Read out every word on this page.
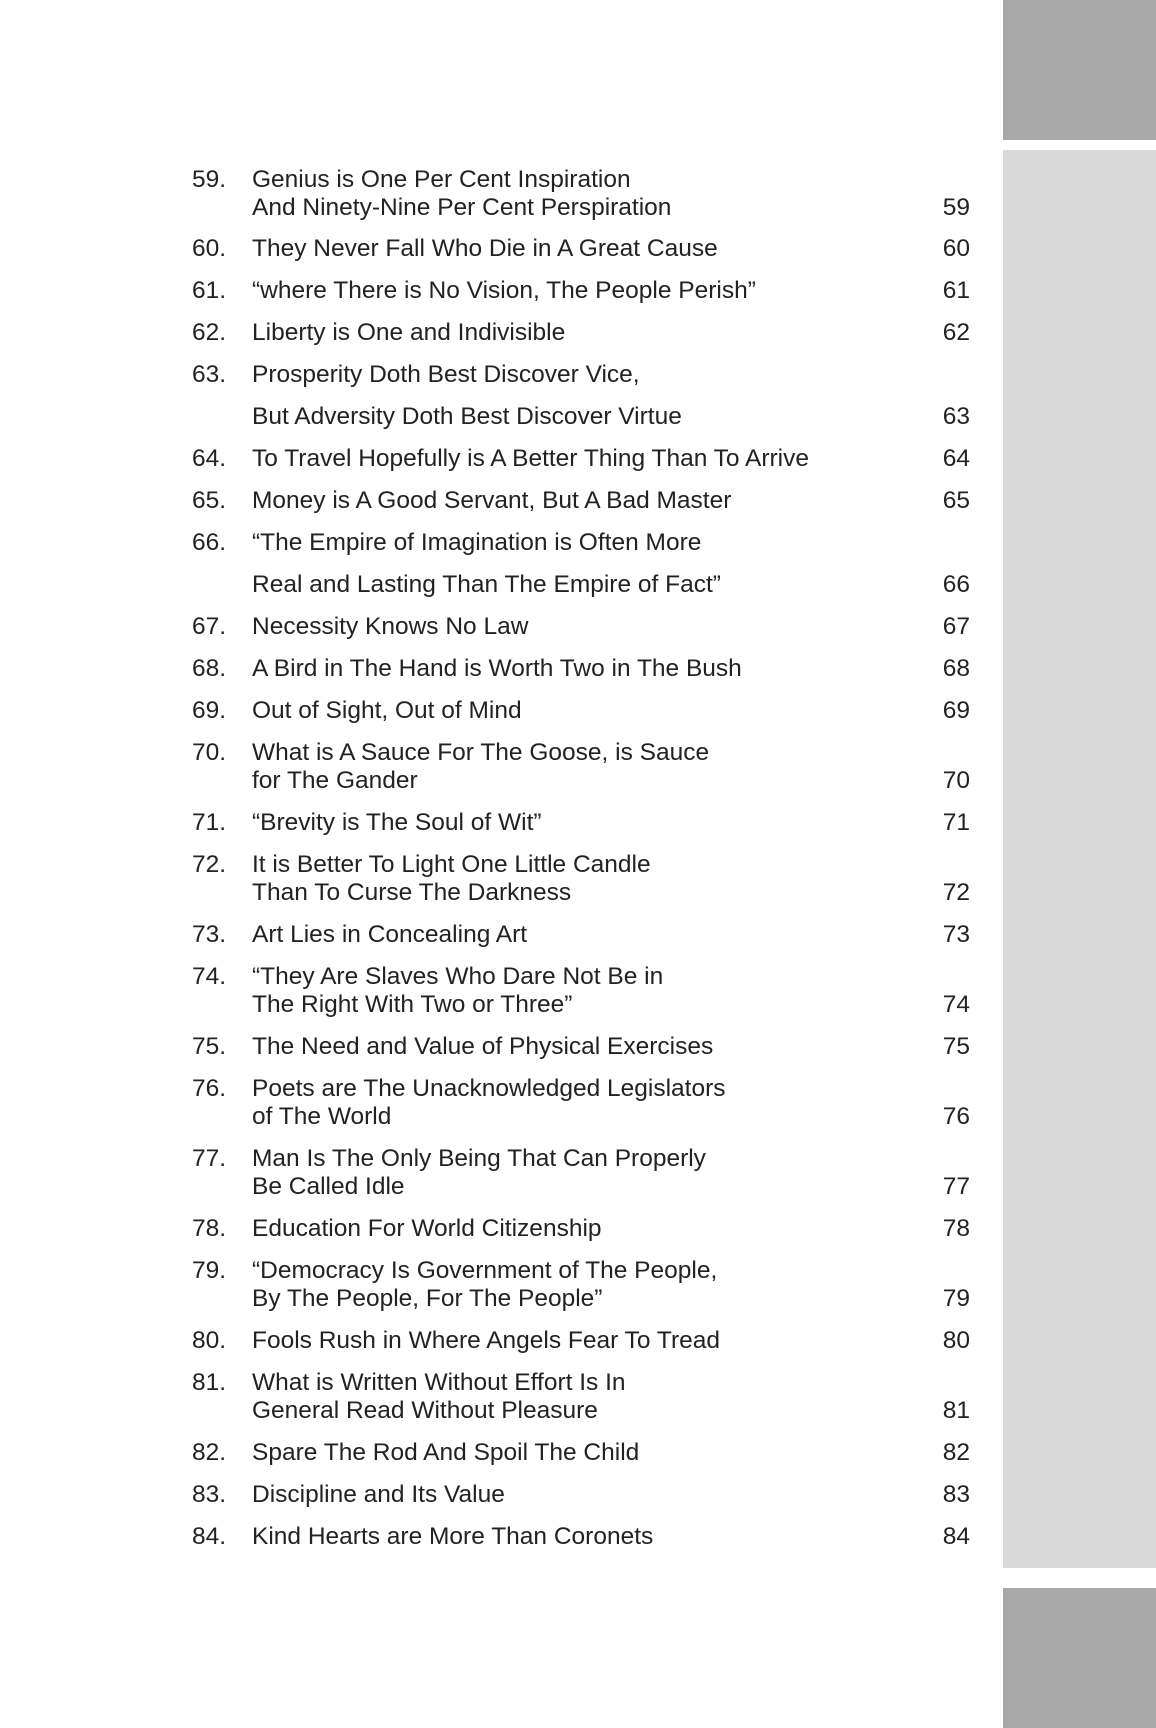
59. Genius is One Per Cent Inspiration
And Ninety-Nine Per Cent Perspiration	59
60. They Never Fall Who Die in A Great Cause	60
61. “where There is No Vision, The People Perish”	61
62. Liberty is One and Indivisible	62
63. Prosperity Doth Best Discover Vice,
But Adversity Doth Best Discover Virtue	63
64. To Travel Hopefully is A Better Thing Than To Arrive	64
65. Money is A Good Servant, But A Bad Master	65
66. “The Empire of Imagination is Often More
Real and Lasting Than The Empire of Fact”	66
67. Necessity Knows No Law	67
68. A Bird in The Hand is Worth Two in The Bush	68
69. Out of Sight, Out of Mind	69
70. What is A Sauce For The Goose, is Sauce
for The Gander	70
71. “Brevity is The Soul of Wit”	71
72. It is Better To Light One Little Candle
Than To Curse The Darkness	72
73. Art Lies in Concealing Art	73
74. “They Are Slaves Who Dare Not Be in
The Right With Two or Three”	74
75. The Need and Value of Physical Exercises	75
76. Poets are The Unacknowledged Legislators
of The World	76
77. Man Is The Only Being That Can Properly
Be Called Idle	77
78. Education For World Citizenship	78
79. “Democracy Is Government of The People,
By The People, For The People”	79
80. Fools Rush in Where Angels Fear To Tread	80
81. What is Written Without Effort Is In
General Read Without Pleasure	81
82. Spare The Rod And Spoil The Child	82
83. Discipline and Its Value	83
84. Kind Hearts are More Than Coronets	84
